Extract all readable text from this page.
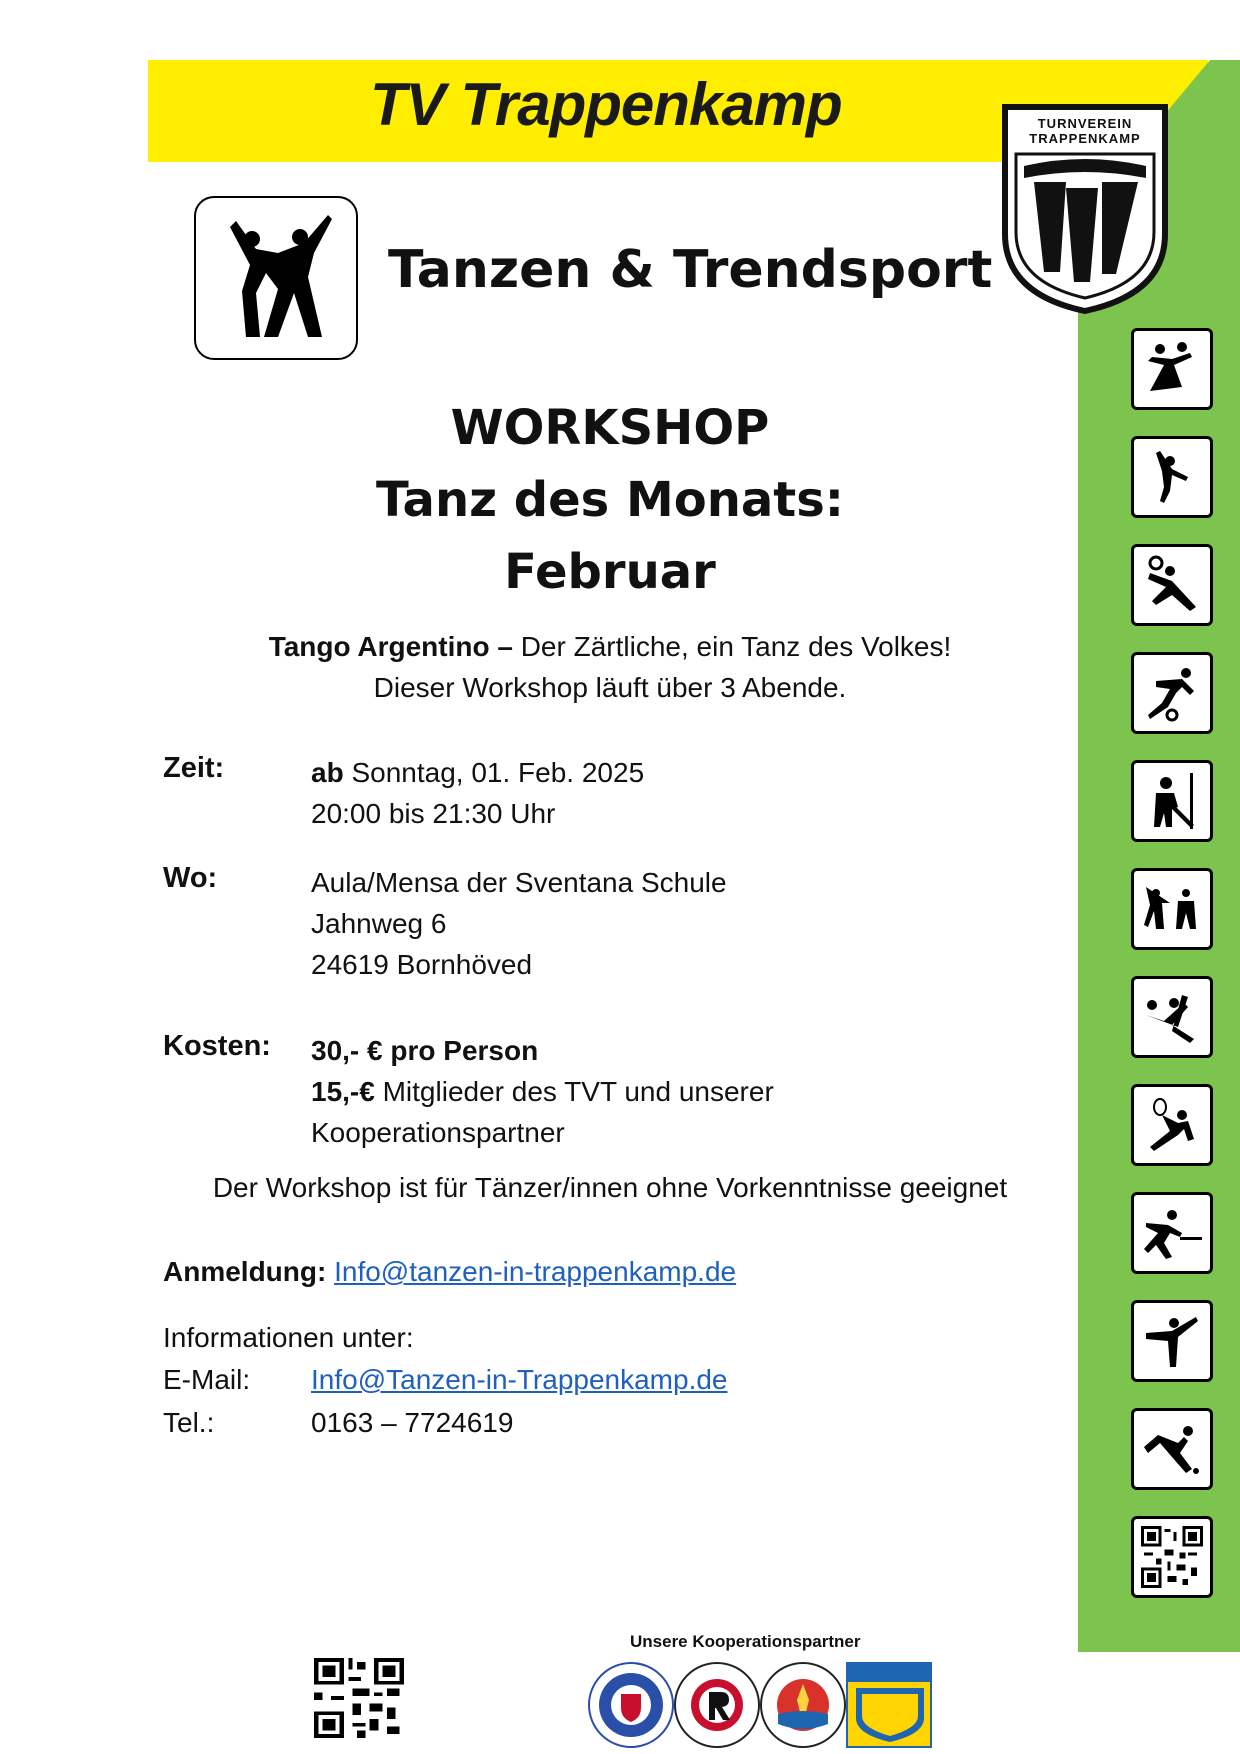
TV Trappenkamp	TURNVEREIN
TRAPPENKAMP
Tanzen & Trendsport
WORKSHOP
Tanz des Monats:
Februar
Tango Argentino – Der Zärtliche, ein Tanz des Volkes!
Dieser Workshop läuft über 3 Abende.
Zeit:	ab Sonntag, 01. Feb. 2025
20:00 bis 21:30 Uhr
Wo:	Aula/Mensa der Sventana Schule
Jahnweg 6
24619 Bornhöved
Kosten: 30,- € pro Person
15,-€ Mitglieder des TVT und unserer
Kooperationspartner
Der Workshop ist für Tänzer/innen ohne Vorkenntnisse geeignet
Anmeldung: Info@tanzen-in-trappenkamp.de
Informationen unter:
E-Mail: Info@Tanzen-in-Trappenkamp.de
Tel.:	0163 – 7724619
Unsere Kooperationspartner
